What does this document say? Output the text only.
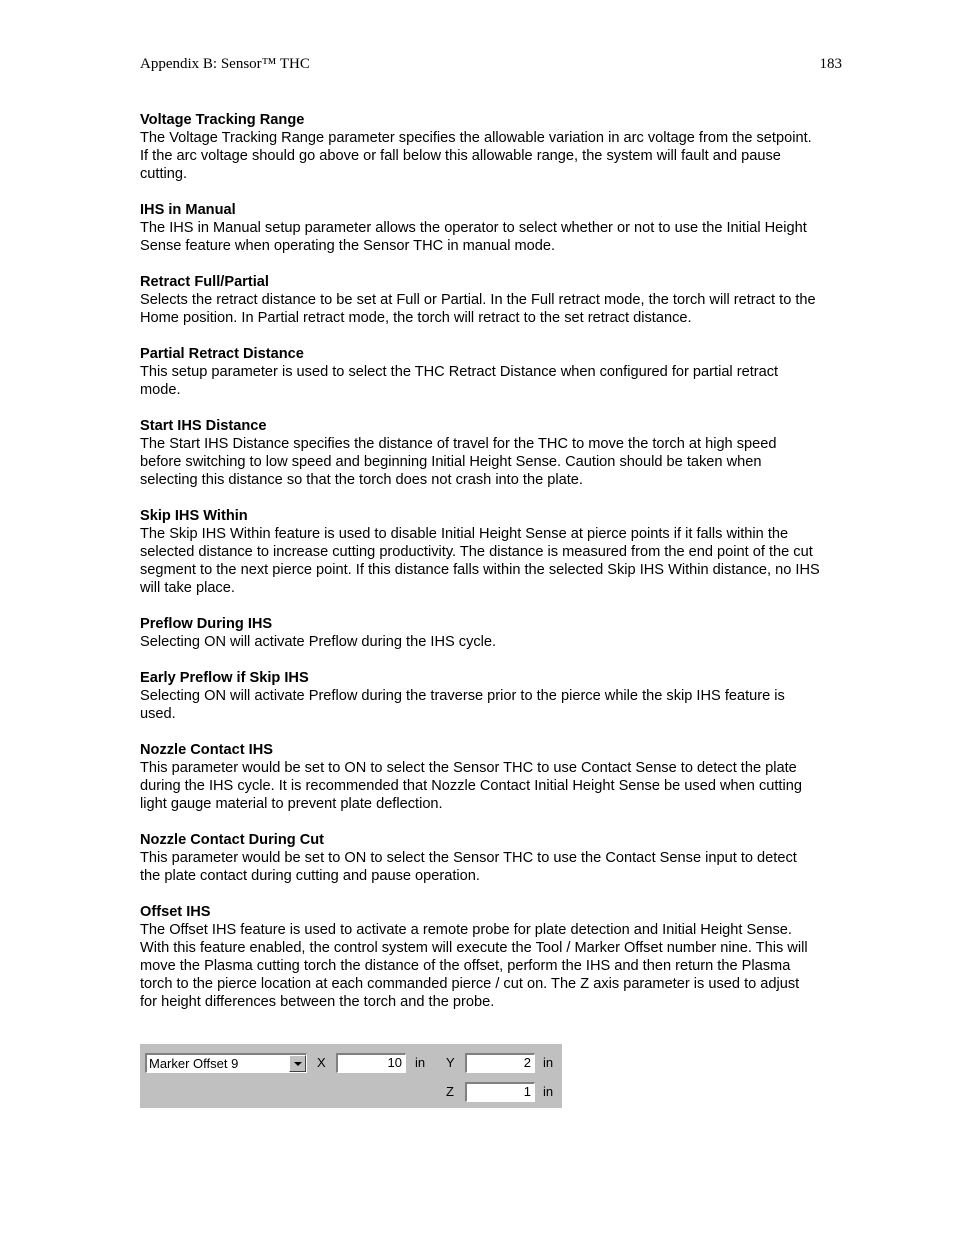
Appendix B: Sensor™ THC	183
Voltage Tracking Range

The Voltage Tracking Range parameter specifies the allowable variation in arc voltage from the setpoint. If the arc voltage should go above or fall below this allowable range, the system will fault and pause cutting.

IHS in Manual

The IHS in Manual setup parameter allows the operator to select whether or not to use the Initial Height Sense feature when operating the Sensor THC in manual mode.

Retract Full/Partial

Selects the retract distance to be set at Full or Partial. In the Full retract mode, the torch will retract to the Home position. In Partial retract mode, the torch will retract to the set retract distance.

Partial Retract Distance

This setup parameter is used to select the THC Retract Distance when configured for partial retract mode.

Start IHS Distance

The Start IHS Distance specifies the distance of travel for the THC to move the torch at high speed before switching to low speed and beginning Initial Height Sense. Caution should be taken when selecting this distance so that the torch does not crash into the plate.

Skip IHS Within

The Skip IHS Within feature is used to disable Initial Height Sense at pierce points if it falls within the selected distance to increase cutting productivity. The distance is measured from the end point of the cut segment to the next pierce point. If this distance falls within the selected Skip IHS Within distance, no IHS will take place.

Preflow During IHS

Selecting ON will activate Preflow during the IHS cycle.

Early Preflow if Skip IHS

Selecting ON will activate Preflow during the traverse prior to the pierce while the skip IHS feature is used.

Nozzle Contact IHS

This parameter would be set to ON to select the Sensor THC to use Contact Sense to detect the plate during the IHS cycle. It is recommended that Nozzle Contact Initial Height Sense be used when cutting light gauge material to prevent plate deflection.

Nozzle Contact During Cut

This parameter would be set to ON to select the Sensor THC to use the Contact Sense input to detect the plate contact during cutting and pause operation.

Offset IHS

The Offset IHS feature is used to activate a remote probe for plate detection and Initial Height Sense. With this feature enabled, the control system will execute the Tool / Marker Offset number nine. This will move the Plasma cutting torch the distance of the offset, perform the IHS and then return the Plasma torch to the pierce location at each commanded pierce / cut on. The Z axis parameter is used to adjust for height differences between the torch and the probe.

Marker Offset 9	X	10	in Y	2 in
Z	1 in
